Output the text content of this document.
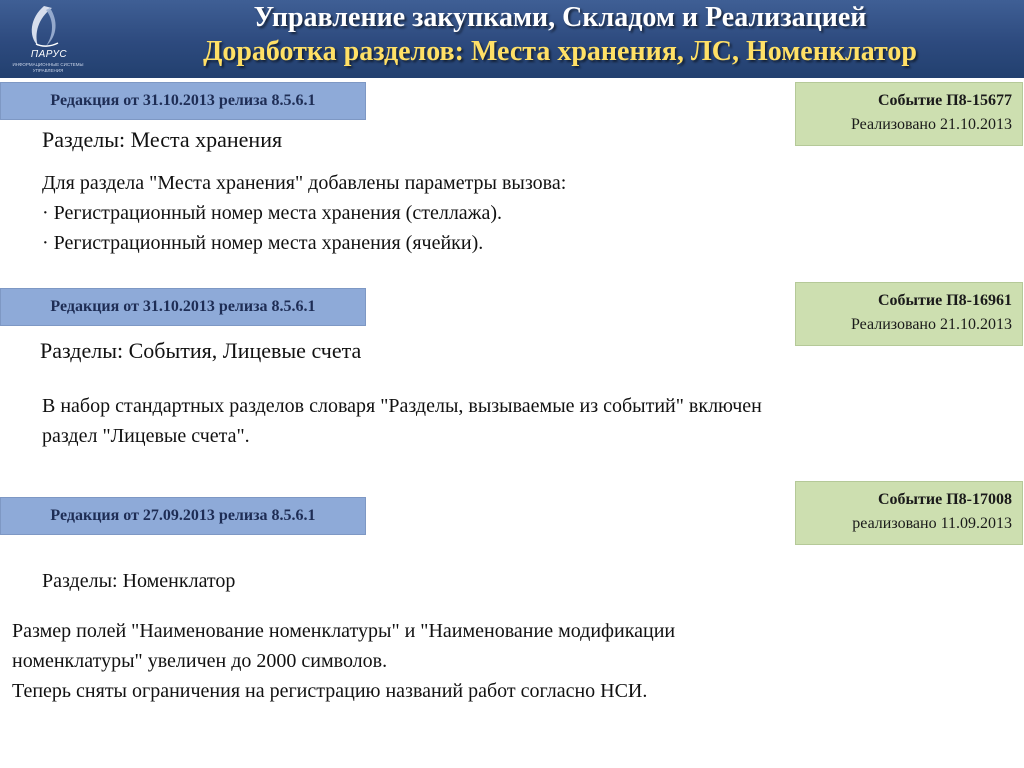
ПАРУС
ИНФОРМАЦИОННЫЕ СИСТЕМЫ УПРАВЛЕНИЯ
Управление закупками, Складом и Реализацией
Доработка разделов: Места хранения, ЛС, Номенклатор
Редакция от 31.10.2013 релиза 8.5.6.1	Событие П8-15677
Реализовано 21.10.2013
Разделы: Места хранения
Для раздела "Места хранения" добавлены параметры вызова:
· Регистрационный номер места хранения (стеллажа).
· Регистрационный номер места хранения (ячейки).
Редакция от 31.10.2013 релиза 8.5.6.1	Событие П8-16961
Реализовано 21.10.2013
Разделы: События, Лицевые счета
В набор стандартных разделов словаря "Разделы, вызываемые из событий" включен
раздел "Лицевые счета".
Редакция от 27.09.2013 релиза 8.5.6.1
Событие П8-17008
реализовано 11.09.2013
Разделы: Номенклатор
Размер полей "Наименование номенклатуры" и "Наименование модификации
номенклатуры" увеличен до 2000 символов.
Теперь сняты ограничения на регистрацию названий работ согласно НСИ.
